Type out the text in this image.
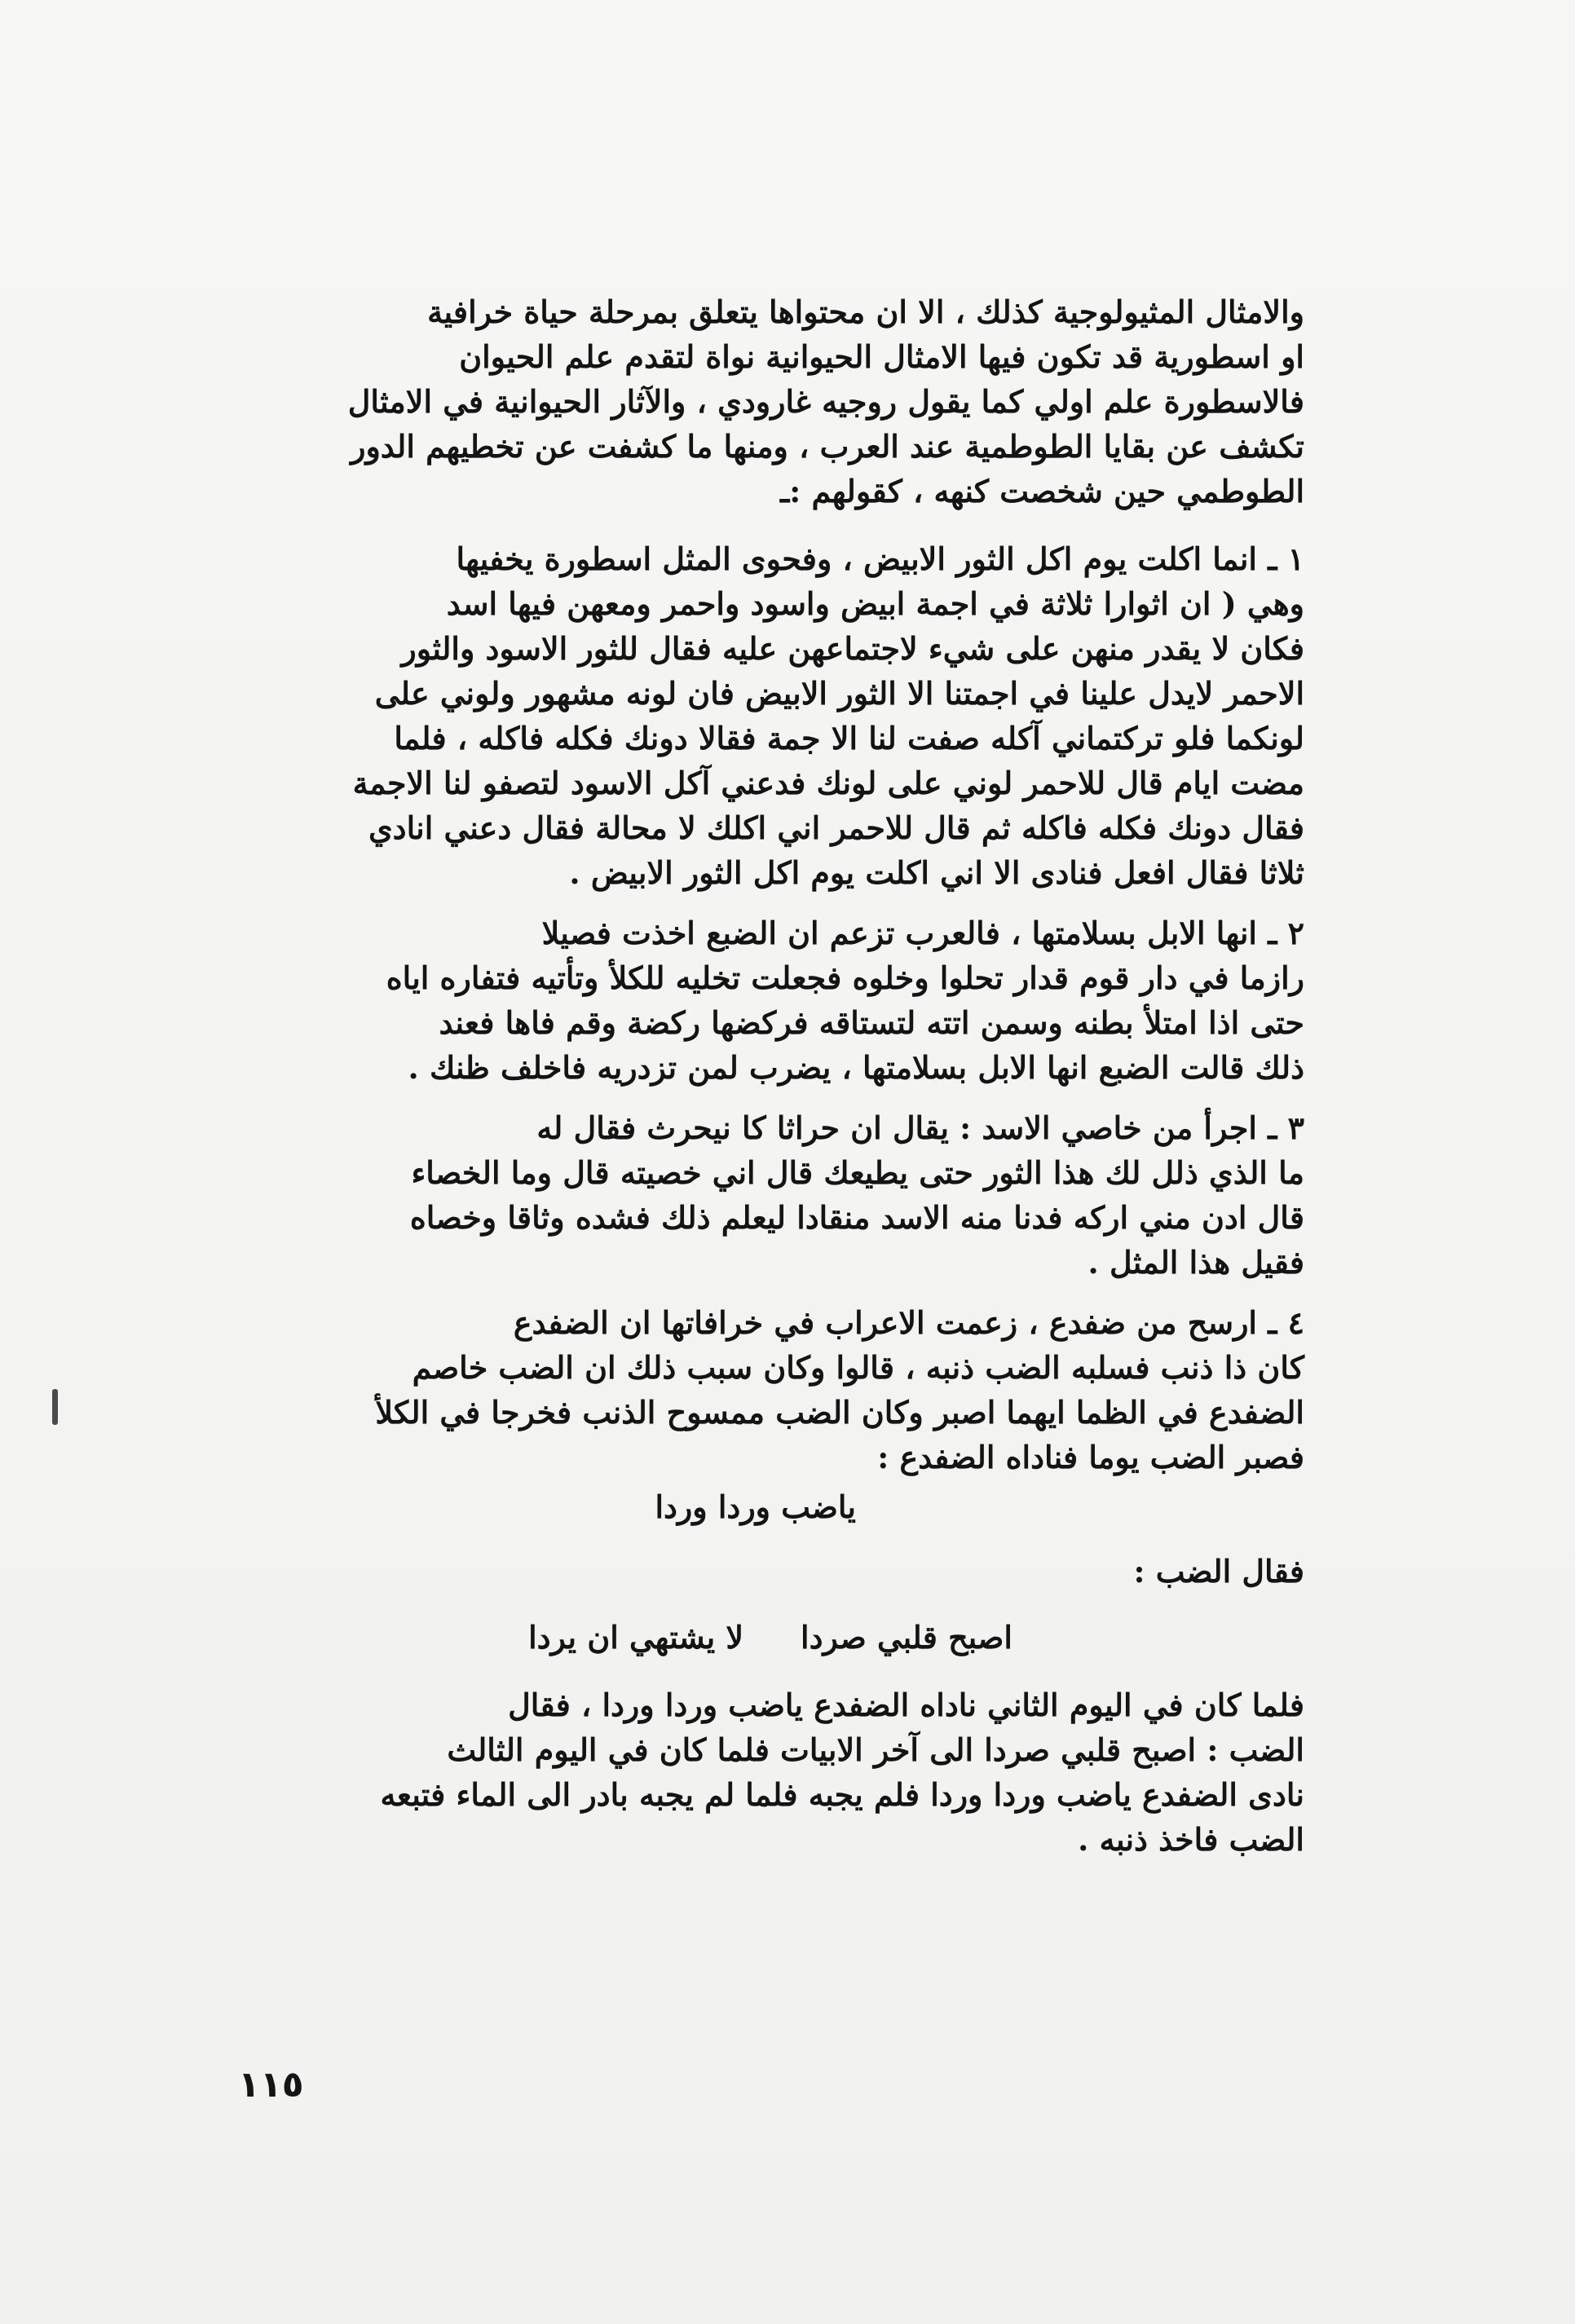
والامثال المثيولوجية كذلك ، الا ان محتواها يتعلق بمرحلة حياة خرافية
او اسطورية قد تكون فيها الامثال الحيوانية نواة لتقدم علم الحيوان
فالاسطورة علم اولي كما يقول روجيه غارودي ، والآثار الحيوانية في الامثال
تكشف عن بقايا الطوطمية عند العرب ، ومنها ما كشفت عن تخطيهم الدور
الطوطمي حين شخصت كنهه ، كقولهم :ـ
١ ـ انما اكلت يوم اكل الثور الابيض ، وفحوى المثل اسطورة يخفيها
وهي ( ان اثوارا ثلاثة في اجمة ابيض واسود واحمر ومعهن فيها اسد
فكان لا يقدر منهن على شيء لاجتماعهن عليه فقال للثور الاسود والثور
الاحمر لايدل علينا في اجمتنا الا الثور الابيض فان لونه مشهور ولوني على
لونكما فلو تركتماني آكله صفت لنا الا جمة فقالا دونك فكله فاكله ، فلما
مضت ايام قال للاحمر لوني على لونك فدعني آكل الاسود لتصفو لنا الاجمة
فقال دونك فكله فاكله ثم قال للاحمر اني اكلك لا محالة فقال دعني انادي
ثلاثا فقال افعل فنادى الا اني اكلت يوم اكل الثور الابيض .
٢ ـ انها الابل بسلامتها ، فالعرب تزعم ان الضبع اخذت فصيلا
رازما في دار قوم قدار تحلوا وخلوه فجعلت تخليه للكلأ وتأتيه فتفاره اياه
حتى اذا امتلأ بطنه وسمن اتته لتستاقه فركضها ركضة وقم فاها فعند
ذلك قالت الضبع انها الابل بسلامتها ، يضرب لمن تزدريه فاخلف ظنك .
٣ ـ اجرأ من خاصي الاسد : يقال ان حراثا كا نيحرث فقال له
ما الذي ذلل لك هذا الثور حتى يطيعك قال اني خصيته قال وما الخصاء
قال ادن مني اركه فدنا منه الاسد منقادا ليعلم ذلك فشده وثاقا وخصاه
فقيل هذا المثل .
٤ ـ ارسح من ضفدع ، زعمت الاعراب في خرافاتها ان الضفدع
كان ذا ذنب فسلبه الضب ذنبه ، قالوا وكان سبب ذلك ان الضب خاصم
الضفدع في الظما ايهما اصبر وكان الضب ممسوح الذنب فخرجا في الكلأ
فصبر الضب يوما فناداه الضفدع :
ياضب وردا وردا
فقال الضب :
اصبح قلبي صردا
لا يشتهي ان يردا
فلما كان في اليوم الثاني ناداه الضفدع ياضب وردا وردا ، فقال
الضب : اصبح قلبي صردا الى آخر الابيات فلما كان في اليوم الثالث
نادى الضفدع ياضب وردا وردا فلم يجبه فلما لم يجبه بادر الى الماء فتبعه
الضب فاخذ ذنبه .
١١٥
